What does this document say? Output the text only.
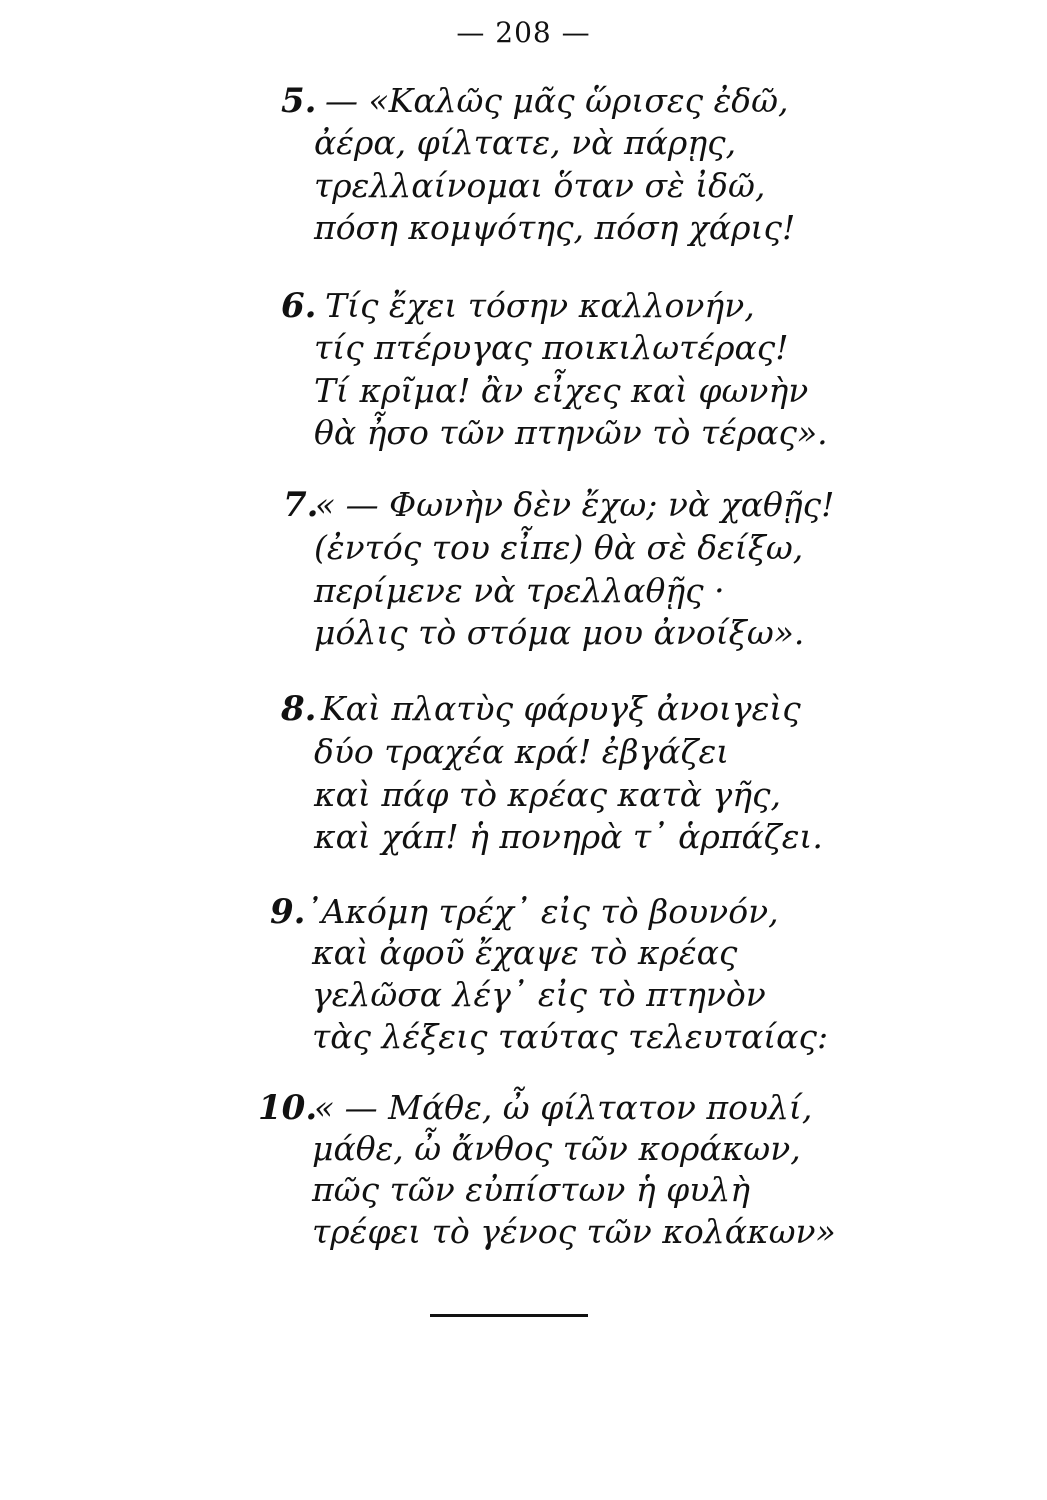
— 208 —
5. — «Καλῶς μᾶς ὥρισες ἐδῶ,
ἀέρα, φίλτατε, νὰ πάρῃς,
τρελλαίνομαι ὅταν σὲ ἰδῶ,
πόση κομψότης, πόση χάρις!
6. Τίς ἔχει τόσην καλλονήν,
τίς πτέρυγας ποικιλωτέρας!
Τί κρῖμα! ἂν εἶχες καὶ φωνὴν
θὰ ἦσο τῶν πτηνῶν τὸ τέρας».
7.
« — Φωνὴν δὲν ἔχω; νὰ χαθῇς!
(ἐντός του εἶπε) θὰ σὲ δείξω,
περίμενε νὰ τρελλαθῇς ·
μόλις τὸ στόμα μου ἀνοίξω».
8. Καὶ πλατὺς φάρυγξ ἀνοιγεὶς
δύο τραχέα κρά! ἐβγάζει
καὶ πάφ τὸ κρέας κατὰ γῆς,
καὶ χάπ! ἡ πονηρὰ τ᾿ ἁρπάζει.
9. ᾿Ακόμη τρέχ᾿ εἰς τὸ βουνόν,
καὶ ἀφοῦ ἔχαψε τὸ κρέας
γελῶσα λέγ᾿ εἰς τὸ πτηνὸν
τὰς λέξεις ταύτας τελευταίας:
10.
« — Μάθε, ὦ φίλτατον πουλί,
μάθε, ὦ ἄνθος τῶν κοράκων,
πῶς τῶν εὐπίστων ἡ φυλὴ
τρέφει τὸ γένος τῶν κολάκων»
